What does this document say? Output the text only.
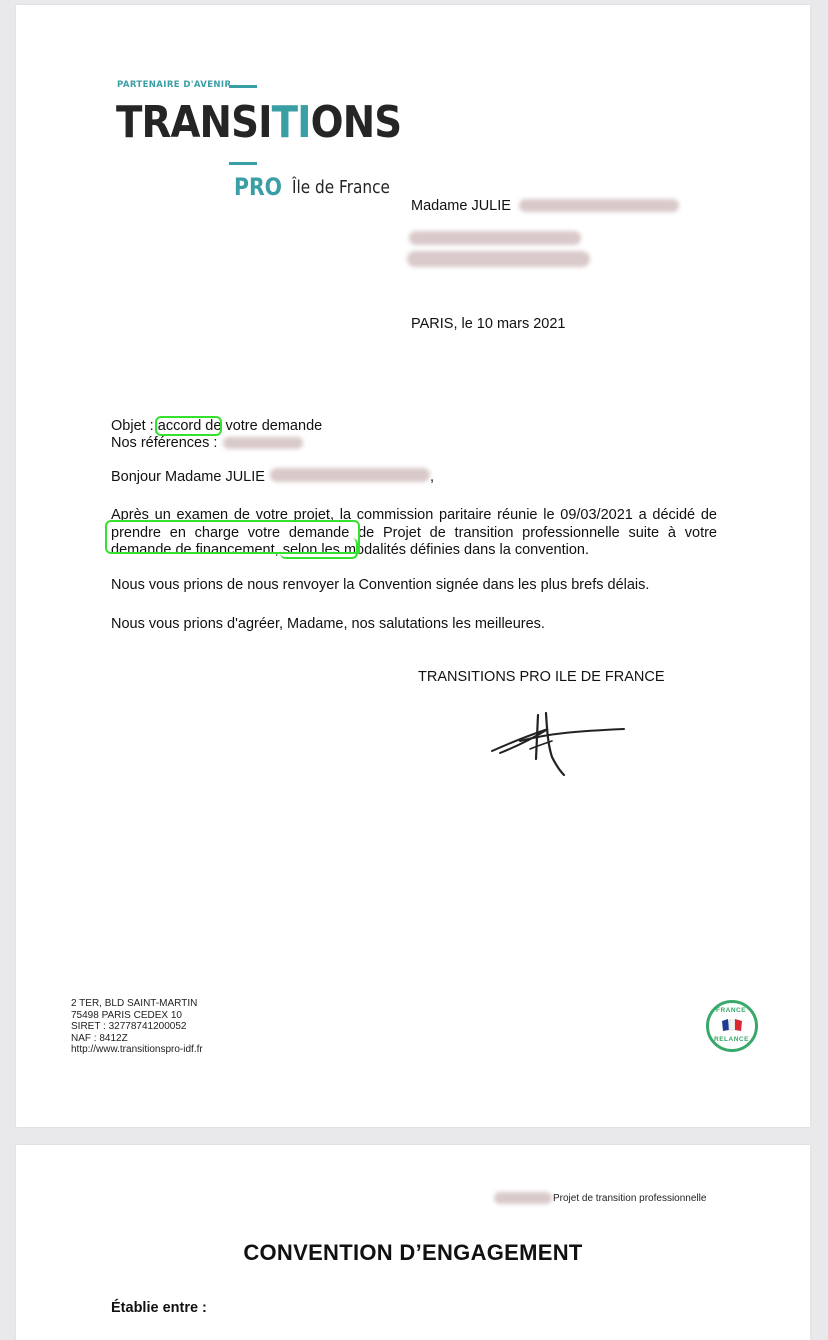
PARTENAIRE D'AVENIR
TRANSITIONS
PRO Île de France
Madame JULIE
PARIS, le 10 mars 2021
Objet : accord de votre demande
Nos références :
Bonjour Madame JULIE	,
Après un examen de votre projet, la commission paritaire réunie le 09/03/2021 a décidé de prendre en charge votre demande de Projet de transition professionnelle suite à votre demande de financement, selon les modalités définies dans la convention.
Nous vous prions de nous renvoyer la Convention signée dans les plus brefs délais.
Nous vous prions d'agréer, Madame, nos salutations les meilleures.
TRANSITIONS PRO ILE DE FRANCE
2 TER, BLD SAINT-MARTIN
75498 PARIS CEDEX 10
SIRET : 32778741200052
NAF : 8412Z
http://www.transitionspro-idf.fr
FRANCE
RELANCE
Projet de transition professionnelle
CONVENTION D’ENGAGEMENT
Établie entre :
